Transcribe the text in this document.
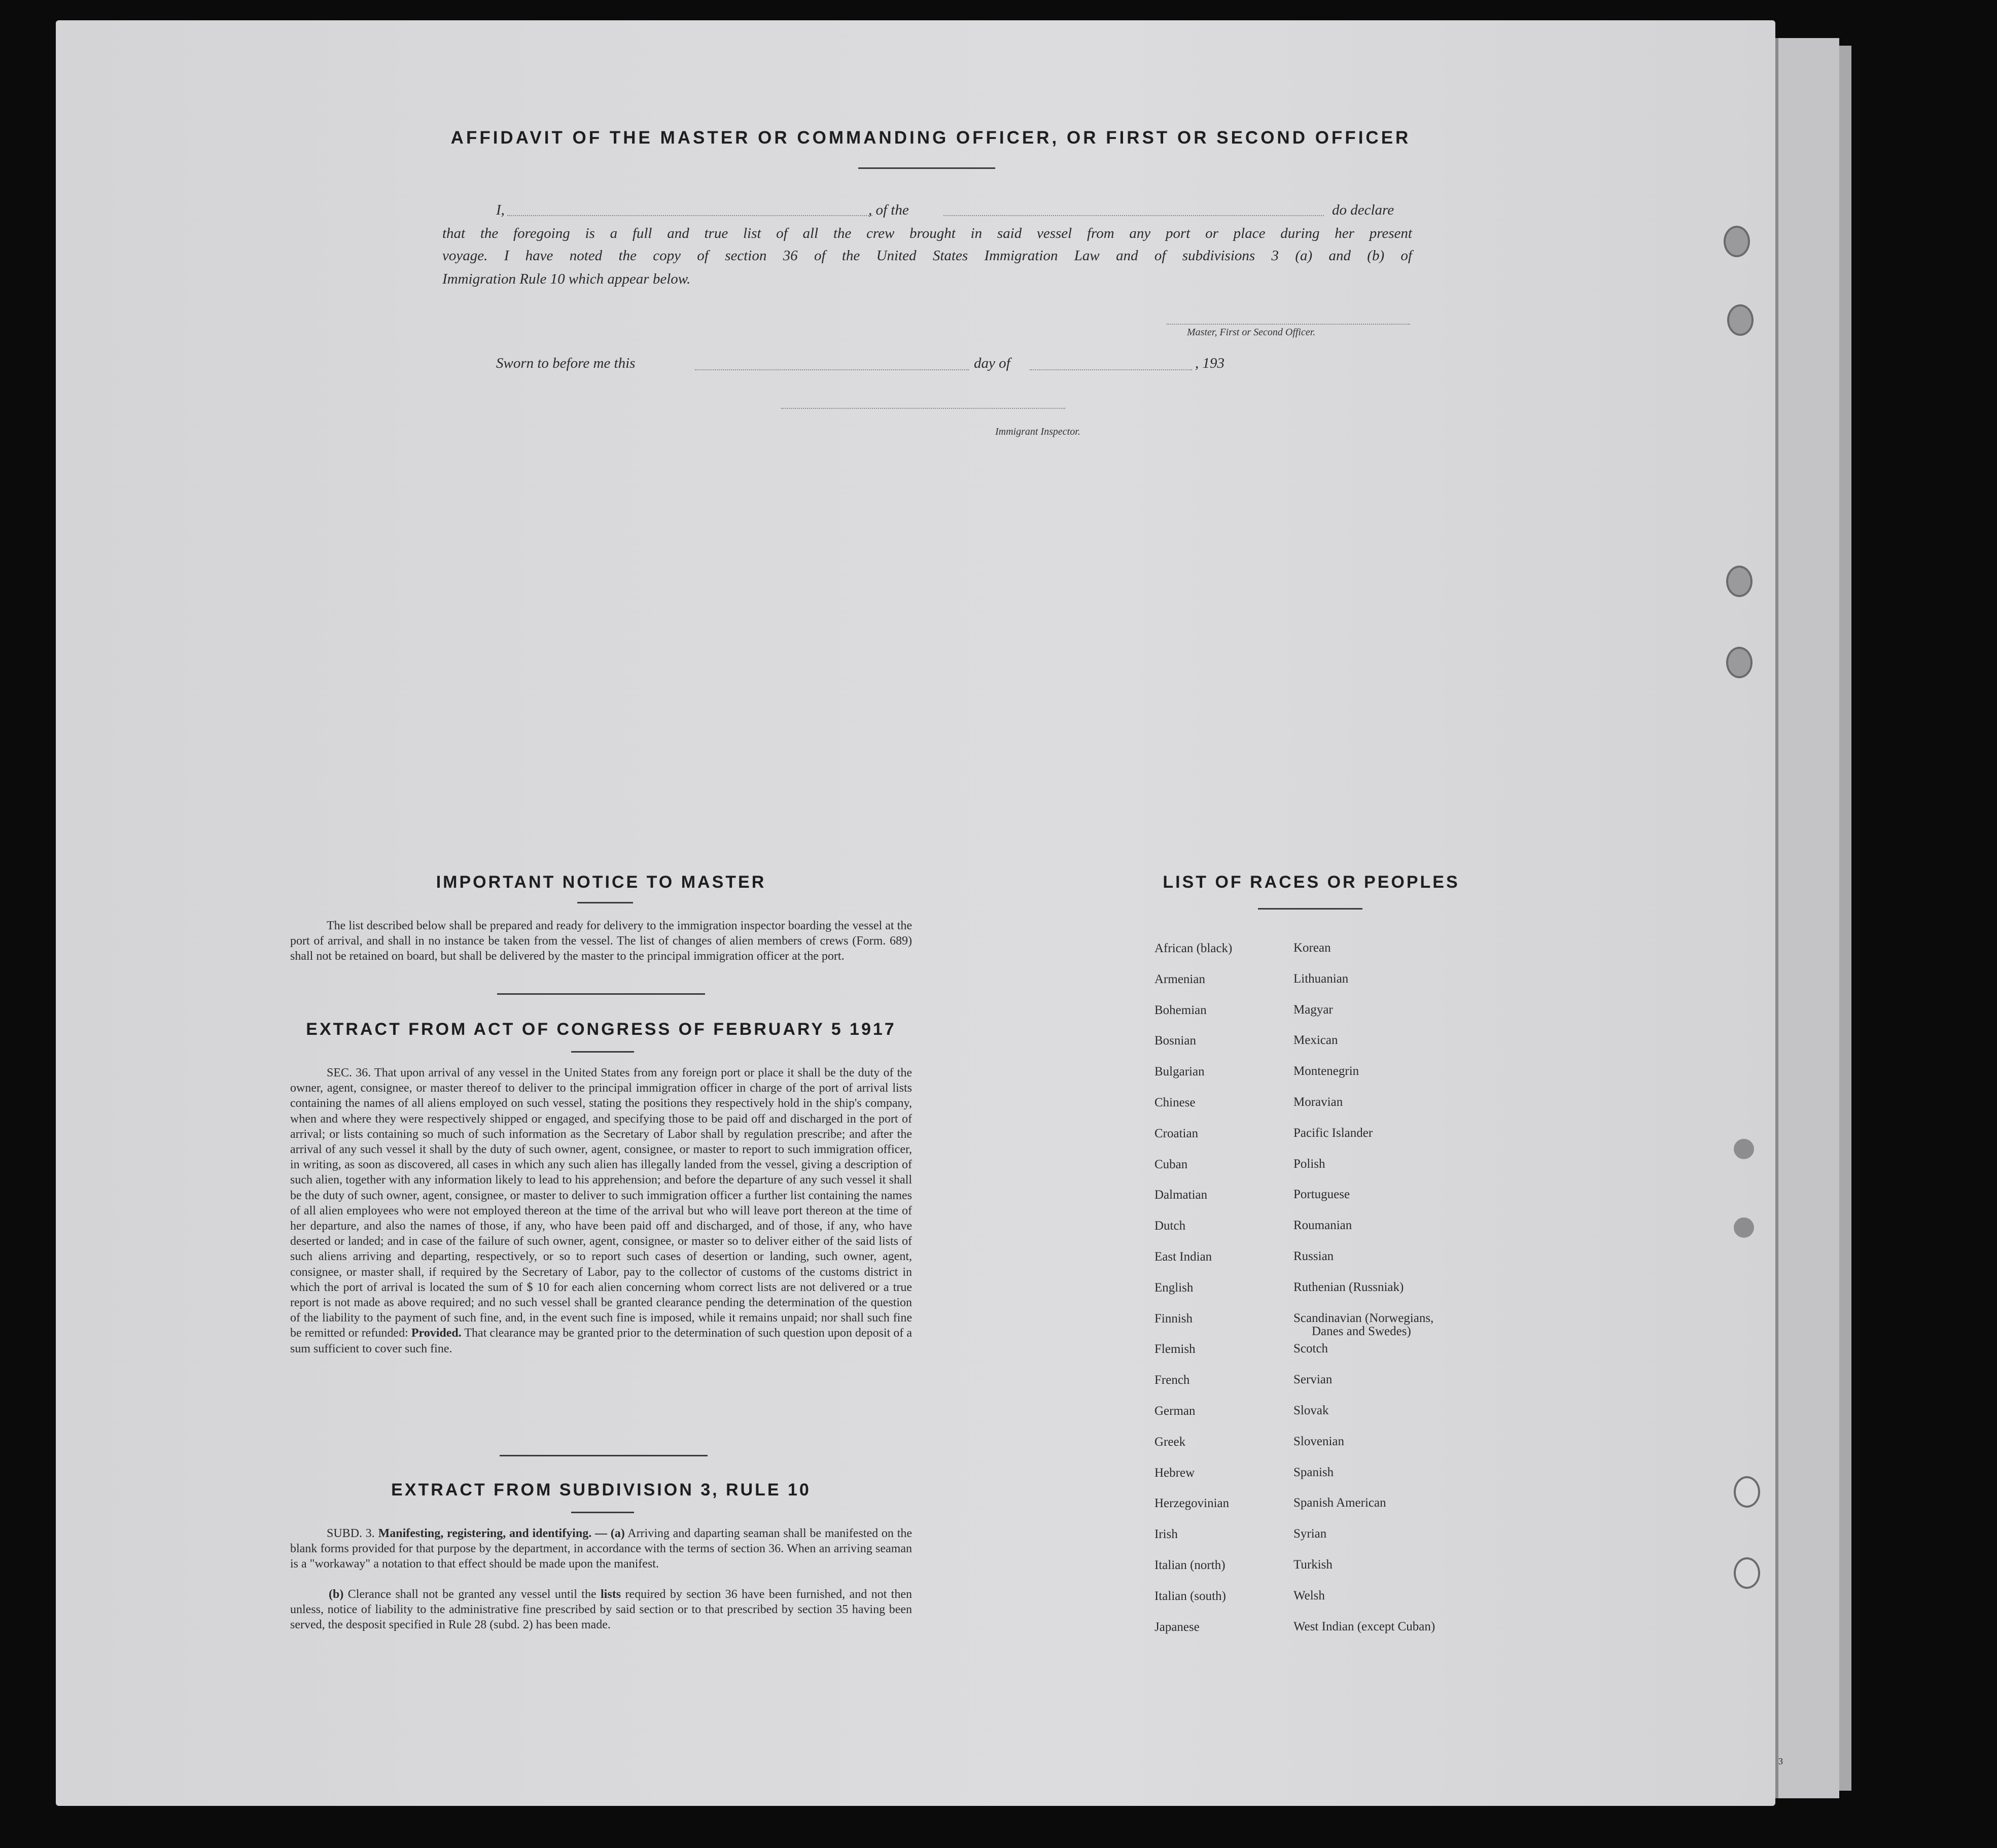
AFFIDAVIT OF THE MASTER OR COMMANDING OFFICER, OR FIRST OR SECOND OFFICER
I,	, of the	do declare
that the foregoing is a full and true list of all the crew brought in said vessel from any port or place during her present
voyage. I have noted the copy of section 36 of the United States Immigration Law and of subdivisions 3 (a) and (b) of
Immigration Rule 10 which appear below.
Master, First or Second Officer.
Sworn to before me this	day of	, 193
Immigrant Inspector.
IMPORTANT NOTICE TO MASTER
The list described below shall be prepared and ready for delivery to the immigration inspector boarding the vessel at the port of arrival, and shall in no instance be taken from the vessel. The list of changes of alien members of crews (Form. 689) shall not be retained on board, but shall be delivered by the master to the principal immigration officer at the port.
EXTRACT FROM ACT OF CONGRESS OF FEBRUARY 5 1917
SEC. 36. That upon arrival of any vessel in the United States from any foreign port or place it shall be the duty of the owner, agent, consignee, or master thereof to deliver to the principal immigration officer in charge of the port of arrival lists containing the names of all aliens employed on such vessel, stating the positions they respectively hold in the ship's company, when and where they were respectively shipped or engaged, and specifying those to be paid off and discharged in the port of arrival; or lists containing so much of such information as the Secretary of Labor shall by regulation prescribe; and after the arrival of any such vessel it shall by the duty of such owner, agent, consignee, or master to report to such immigration officer, in writing, as soon as discovered, all cases in which any such alien has illegally landed from the vessel, giving a description of such alien, together with any information likely to lead to his apprehension; and before the departure of any such vessel it shall be the duty of such owner, agent, consignee, or master to deliver to such immigration officer a further list containing the names of all alien employees who were not employed thereon at the time of the arrival but who will leave port thereon at the time of her departure, and also the names of those, if any, who have been paid off and discharged, and of those, if any, who have deserted or landed; and in case of the failure of such owner, agent, consignee, or master so to deliver either of the said lists of such aliens arriving and departing, respectively, or so to report such cases of desertion or landing, such owner, agent, consignee, or master shall, if required by the Secretary of Labor, pay to the collector of customs of the customs district in which the port of arrival is located the sum of $ 10 for each alien concerning whom correct lists are not delivered or a true report is not made as above required; and no such vessel shall be granted clearance pending the determination of the question of the liability to the payment of such fine, and, in the event such fine is imposed, while it remains unpaid; nor shall such fine be remitted or refunded: Provided. That clearance may be granted prior to the determination of such question upon deposit of a sum sufficient to cover such fine.
EXTRACT FROM SUBDIVISION 3, RULE 10
SUBD. 3. Manifesting, registering, and identifying. — (a) Arriving and daparting seaman shall be manifested on the blank forms provided for that purpose by the department, in accordance with the terms of section 36. When an arriving seaman is a "workaway" a notation to that effect should be made upon the manifest.
(b) Clerance shall not be granted any vessel until the lists required by section 36 have been furnished, and not then unless, notice of liability to the administrative fine prescribed by said section or to that prescribed by section 35 having been served, the desposit specified in Rule 28 (subd. 2) has been made.
LIST OF RACES OR PEOPLES
African (black)	Korean
Armenian	Lithuanian
Bohemian	Magyar
Bosnian	Mexican
Bulgarian	Montenegrin
Chinese	Moravian
Croatian	Pacific Islander
Cuban	Polish
Dalmatian	Portuguese
Dutch	Roumanian
East Indian	Russian
English	Ruthenian (Russniak)
Finnish	Scandinavian (Norwegians,
Danes and Swedes)
Flemish	Scotch
French	Servian
German	Slovak
Greek	Slovenian
Hebrew	Spanish
Herzegovinian	Spanish American
Irish	Syrian
Italian (north)	Turkish
Italian (south)	Welsh
Japanese	West Indian (except Cuban)
3
